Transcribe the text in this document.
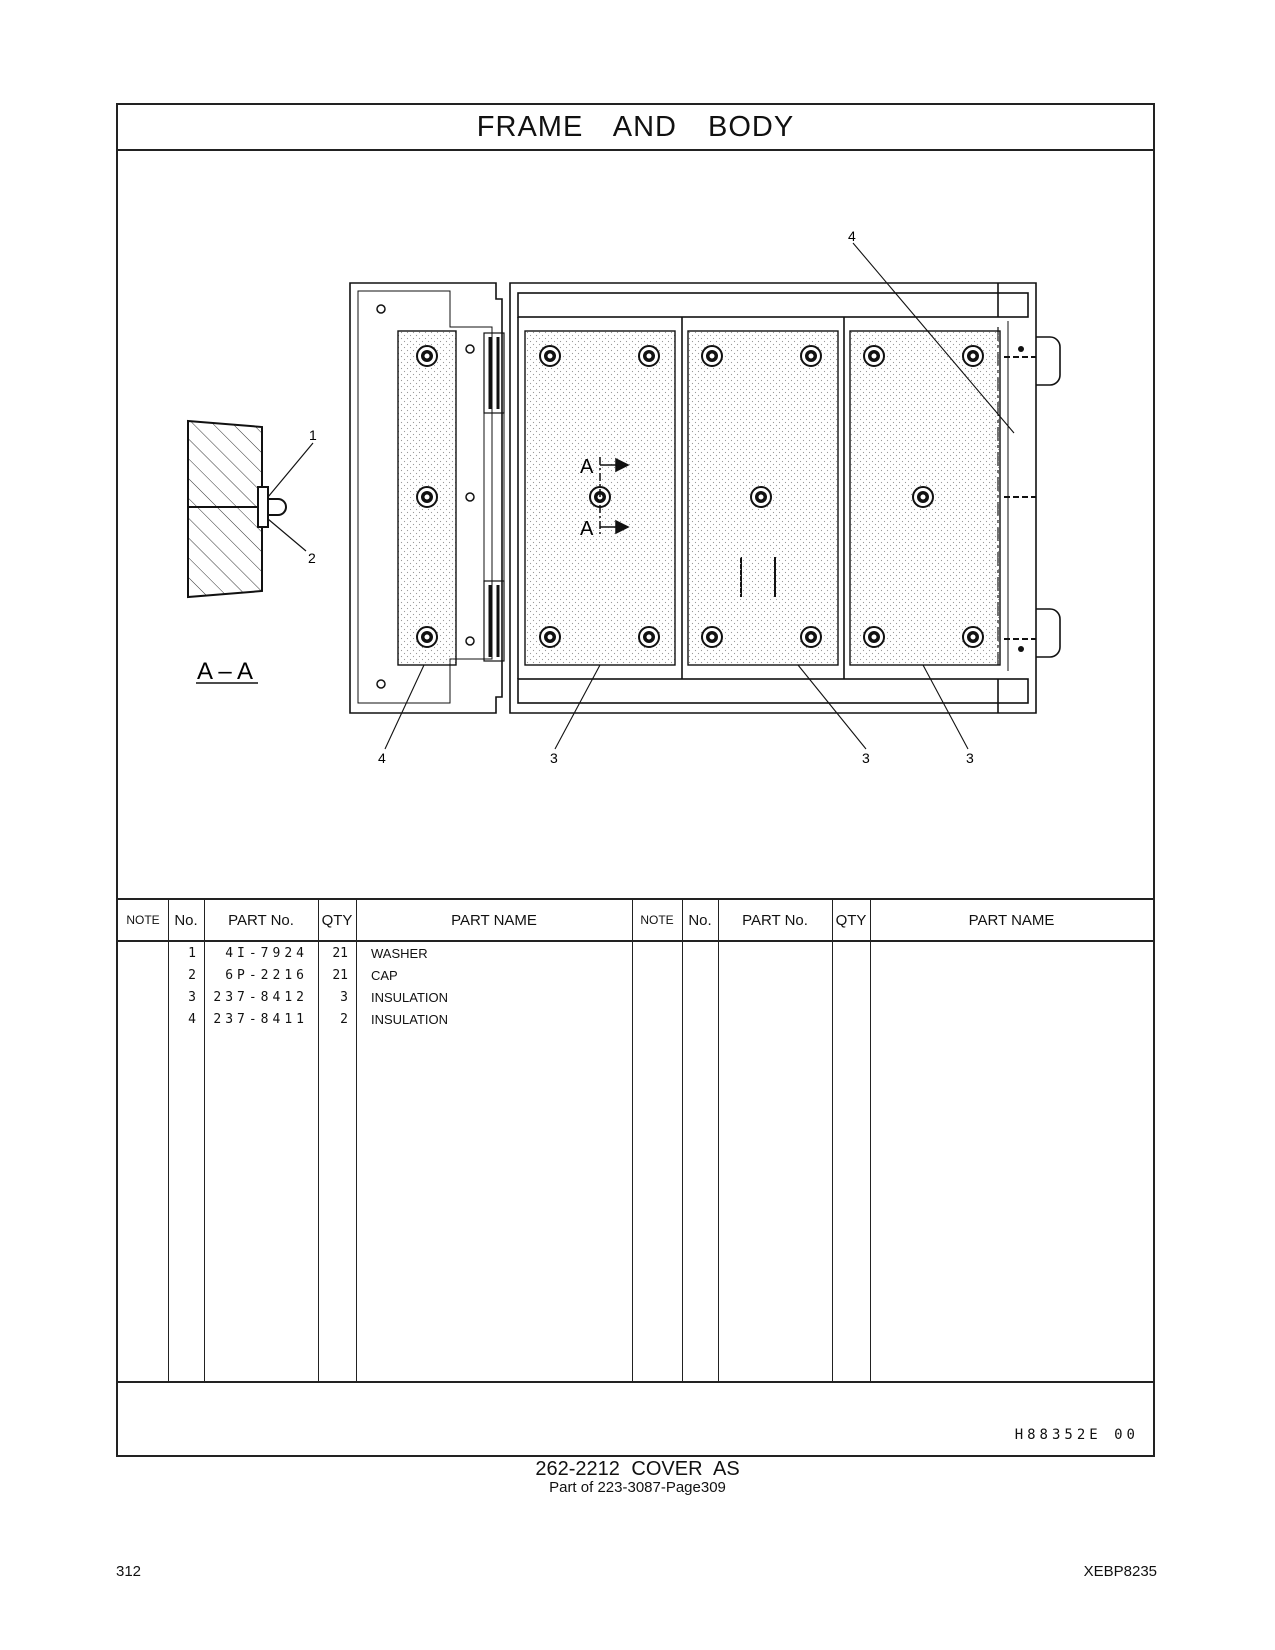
FRAME AND BODY
1
2
A – A
A
A
4
4	3	3	3
NOTE No.	PART No.	QTY	PART NAME	NOTE No.	PART No.	QTY	PART NAME
1	4I-7924	21 WASHER
2	6P-2216	21 CAP
3	237-8412	3 INSULATION
4	237-8411	2 INSULATION
H88352E 00
262-2212 COVER AS
Part of 223-3087-Page309
312	XEBP8235
